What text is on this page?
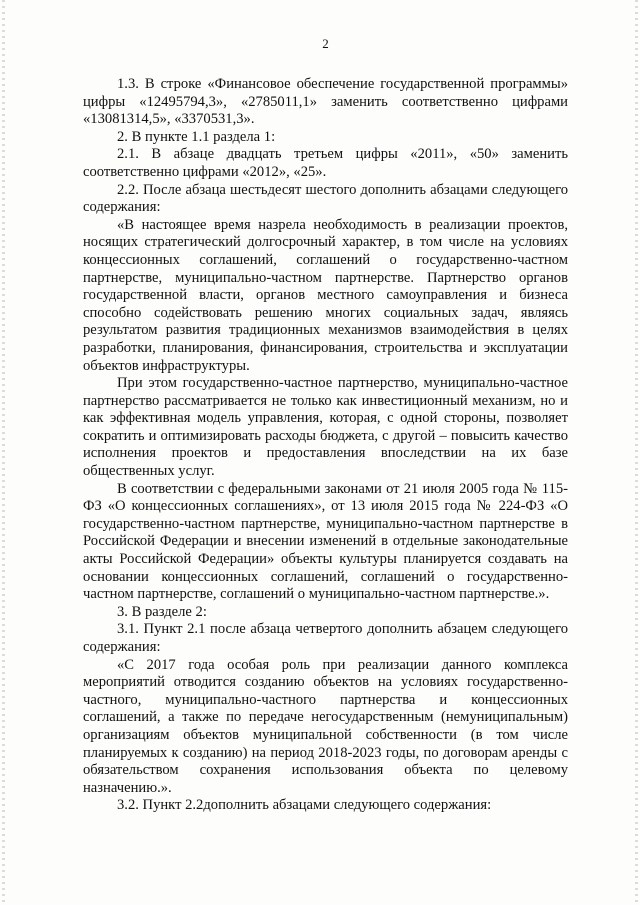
2

1.3. В строке «Финансовое обеспечение государственной программы» цифры «12495794,3», «2785011,1» заменить соответственно цифрами «13081314,5», «3370531,3».

2. В пункте 1.1 раздела 1:

2.1. В абзаце двадцать третьем цифры «2011», «50» заменить соответственно цифрами «2012», «25».

2.2. После абзаца шестьдесят шестого дополнить абзацами следующего содержания:

«В настоящее время назрела необходимость в реализации проектов, носящих стратегический долгосрочный характер, в том числе на условиях концессионных соглашений, соглашений о государственно-частном партнерстве, муниципально-частном партнерстве. Партнерство органов государственной власти, органов местного самоуправления и бизнеса способно содействовать решению многих социальных задач, являясь результатом развития традиционных механизмов взаимодействия в целях разработки, планирования, финансирования, строительства и эксплуатации объектов инфраструктуры.

При этом государственно-частное партнерство, муниципально-частное партнерство рассматривается не только как инвестиционный механизм, но и как эффективная модель управления, которая, с одной стороны, позволяет сократить и оптимизировать расходы бюджета, с другой – повысить качество исполнения проектов и предоставления впоследствии на их базе общественных услуг.

В соответствии с федеральными законами от 21 июля 2005 года № 115-ФЗ «О концессионных соглашениях», от 13 июля 2015 года № 224-ФЗ «О государственно-частном партнерстве, муниципально-частном партнерстве в Российской Федерации и внесении изменений в отдельные законодательные акты Российской Федерации» объекты культуры планируется создавать на основании концессионных соглашений, соглашений о государственно-частном партнерстве, соглашений о муниципально-частном партнерстве.».

3. В разделе 2:

3.1. Пункт 2.1 после абзаца четвертого дополнить абзацем следующего содержания:

«С 2017 года особая роль при реализации данного комплекса мероприятий отводится созданию объектов на условиях государственно-частного, муниципально-частного партнерства и концессионных соглашений, а также по передаче негосударственным (немуниципальным) организациям объектов муниципальной собственности (в том числе планируемых к созданию) на период 2018-2023 годы, по договорам аренды с обязательством сохранения использования объекта по целевому назначению.».

3.2. Пункт 2.2дополнить абзацами следующего содержания:
